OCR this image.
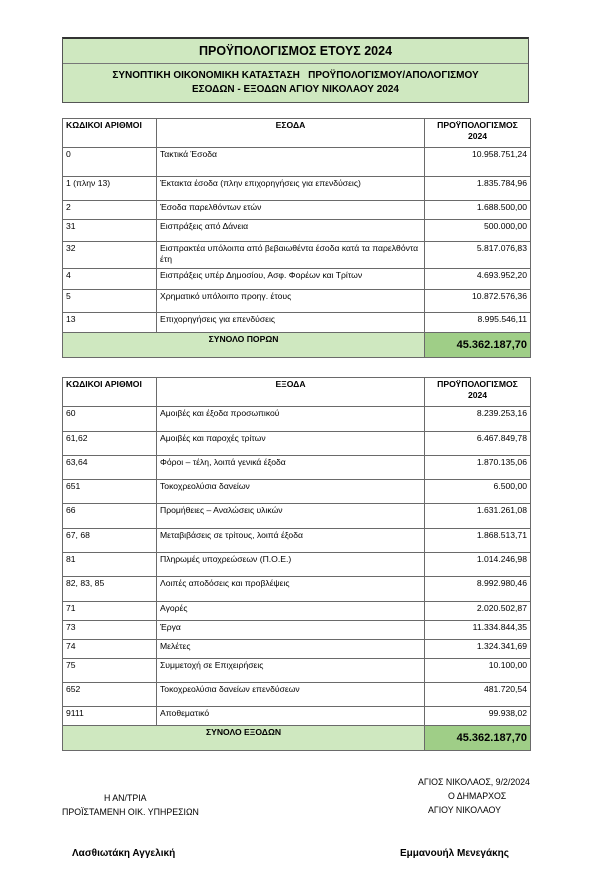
ΠΡΟΫΠΟΛΟΓΙΣΜΟΣ ΕΤΟΥΣ 2024
ΣΥΝΟΠΤΙΚΗ ΟΙΚΟΝΟΜΙΚΗ ΚΑΤΑΣΤΑΣΗ   ΠΡΟΫΠΟΛΟΓΙΣΜΟΥ/ΑΠΟΛΟΓΙΣΜΟΥ
ΕΣΟΔΩΝ - ΕΞΟΔΩΝ ΑΓΙΟΥ ΝΙΚΟΛΑΟΥ 2024
ΚΩΔΙΚΟΙ ΑΡΙΘΜΟΙ	ΕΣΟΔΑ	ΠΡΟΫΠΟΛΟΓΙΣΜΟΣ
2024

0	Τακτικά Έσοδα	10.958.751,24
1 (πλην 13)	Έκτακτα έσοδα (πλην επιχορηγήσεις για επενδύσεις)	1.835.784,96
2	Έσοδα παρελθόντων ετών	1.688.500,00
31	Εισπράξεις από Δάνεια	500.000,00
32	Εισπρακτέα υπόλοιπα από βεβαιωθέντα έσοδα κατά τα παρελθόντα έτη	5.817.076,83
4	Εισπράξεις υπέρ Δημοσίου, Ασφ. Φορέων και Τρίτων	4.693.952,20
5	Χρηματικό υπόλοιπο προηγ. έτους	10.872.576,36
13	Επιχορηγήσεις για επενδύσεις	8.995.546,11
ΣΥΝΟΛΟ ΠΟΡΩΝ		45.362.187,70
ΚΩΔΙΚΟΙ ΑΡΙΘΜΟΙ	ΕΞΟΔΑ	ΠΡΟΫΠΟΛΟΓΙΣΜΟΣ
2024

60	Αμοιβές και έξοδα προσωπικού	8.239.253,16
61,62	Αμοιβές και παροχές τρίτων	6.467.849,78
63,64	Φόροι – τέλη, λοιπά γενικά έξοδα	1.870.135,06
651	Τοκοχρεολύσια δανείων	6.500,00
66	Προμήθειες – Αναλώσεις υλικών	1.631.261,08
67, 68	Μεταβιβάσεις σε τρίτους, λοιπά έξοδα	1.868.513,71
81	Πληρωμές υποχρεώσεων (Π.Ο.Ε.)	1.014.246,98
82, 83, 85	Λοιπές αποδόσεις και προβλέψεις	8.992.980,46
71	Αγορές	2.020.502,87
73	Έργα	11.334.844,35
74	Μελέτες	1.324.341,69
75	Συμμετοχή σε Επιχειρήσεις	10.100,00
652	Τοκοχρεολύσια δανείων επενδύσεων	481.720,54
9111	Αποθεματικό	99.938,02
ΣΥΝΟΛΟ ΕΞΟΔΩΝ		45.362.187,70
ΑΓΙΟΣ ΝΙΚΟΛΑΟΣ, 9/2/2024
Ο ΔΗΜΑΡΧΟΣ
ΑΓΙΟΥ ΝΙΚΟΛΑΟΥ
Η ΑΝ/ΤΡΙΑ
ΠΡΟΪΣΤΑΜΕΝΗ ΟΙΚ. ΥΠΗΡΕΣΙΩΝ
Λασθιωτάκη Αγγελική	Εμμανουήλ Μενεγάκης
